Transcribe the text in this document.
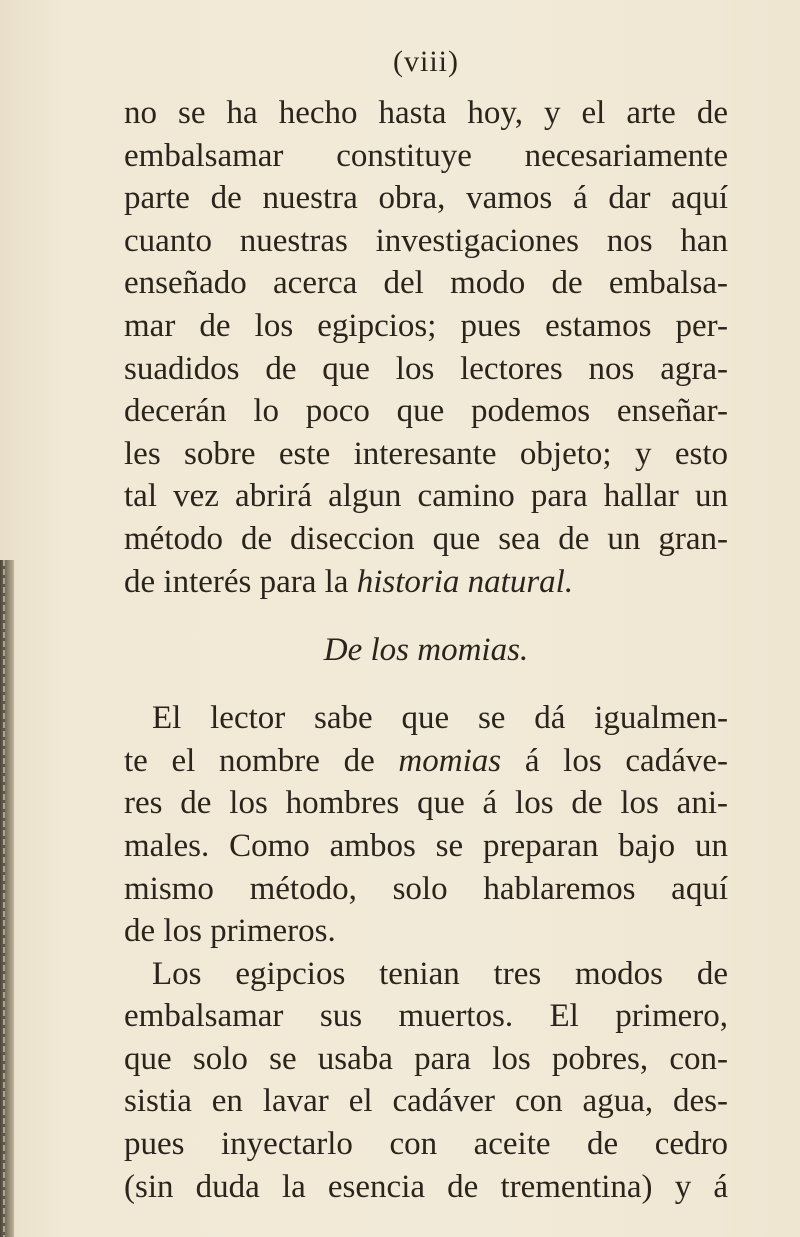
(viii)
no se ha hecho hasta hoy, y el arte de
embalsamar constituye necesariamente
parte de nuestra obra, vamos á dar aquí
cuanto nuestras investigaciones nos han
enseñado acerca del modo de embalsa-
mar de los egipcios; pues estamos per-
suadidos de que los lectores nos agra-
decerán lo poco que podemos enseñar-
les sobre este interesante objeto; y esto
tal vez abrirá algun camino para hallar un
método de diseccion que sea de un gran-
de interés para la historia natural.
De los momias.
El lector sabe que se dá igualmen-
te el nombre de momias á los cadáve-
res de los hombres que á los de los ani-
males. Como ambos se preparan bajo un
mismo método, solo hablaremos aquí
de los primeros.
Los egipcios tenian tres modos de
embalsamar sus muertos. El primero,
que solo se usaba para los pobres, con-
sistia en lavar el cadáver con agua, des-
pues inyectarlo con aceite de cedro
(sin duda la esencia de trementina) y á
